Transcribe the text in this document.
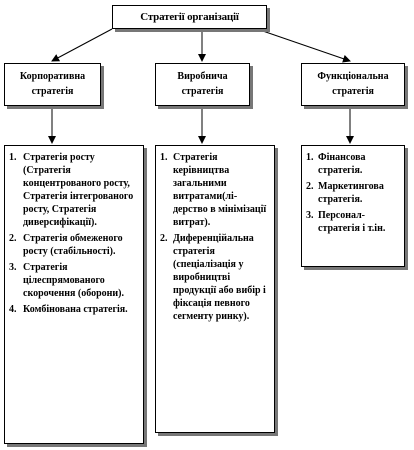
Стратегії організації
Корпоративна стратегія
Виробнича стратегія
Функціональна стратегія
1. Стратегія росту (Стратегія концентрованого росту, Стратегія інтегрованого росту, Стратегія диверсифікації).
2. Стратегія обмеженого росту (стабільності).
3. Стратегія цілеспрямованого скорочення (оборони).
4. Комбінована стратегія.
1. Стратегія керівництва загальними витратами(лі-дерство в мінімізації витрат).
2. Диференційальна стратегія (спеціалізація у виробництві продукції або вибір і фіксація певного сегменту ринку).
1. Фінансова стратегія.
2. Маркетингова стратегія.
3. Персонал-стратегія і т.ін.
